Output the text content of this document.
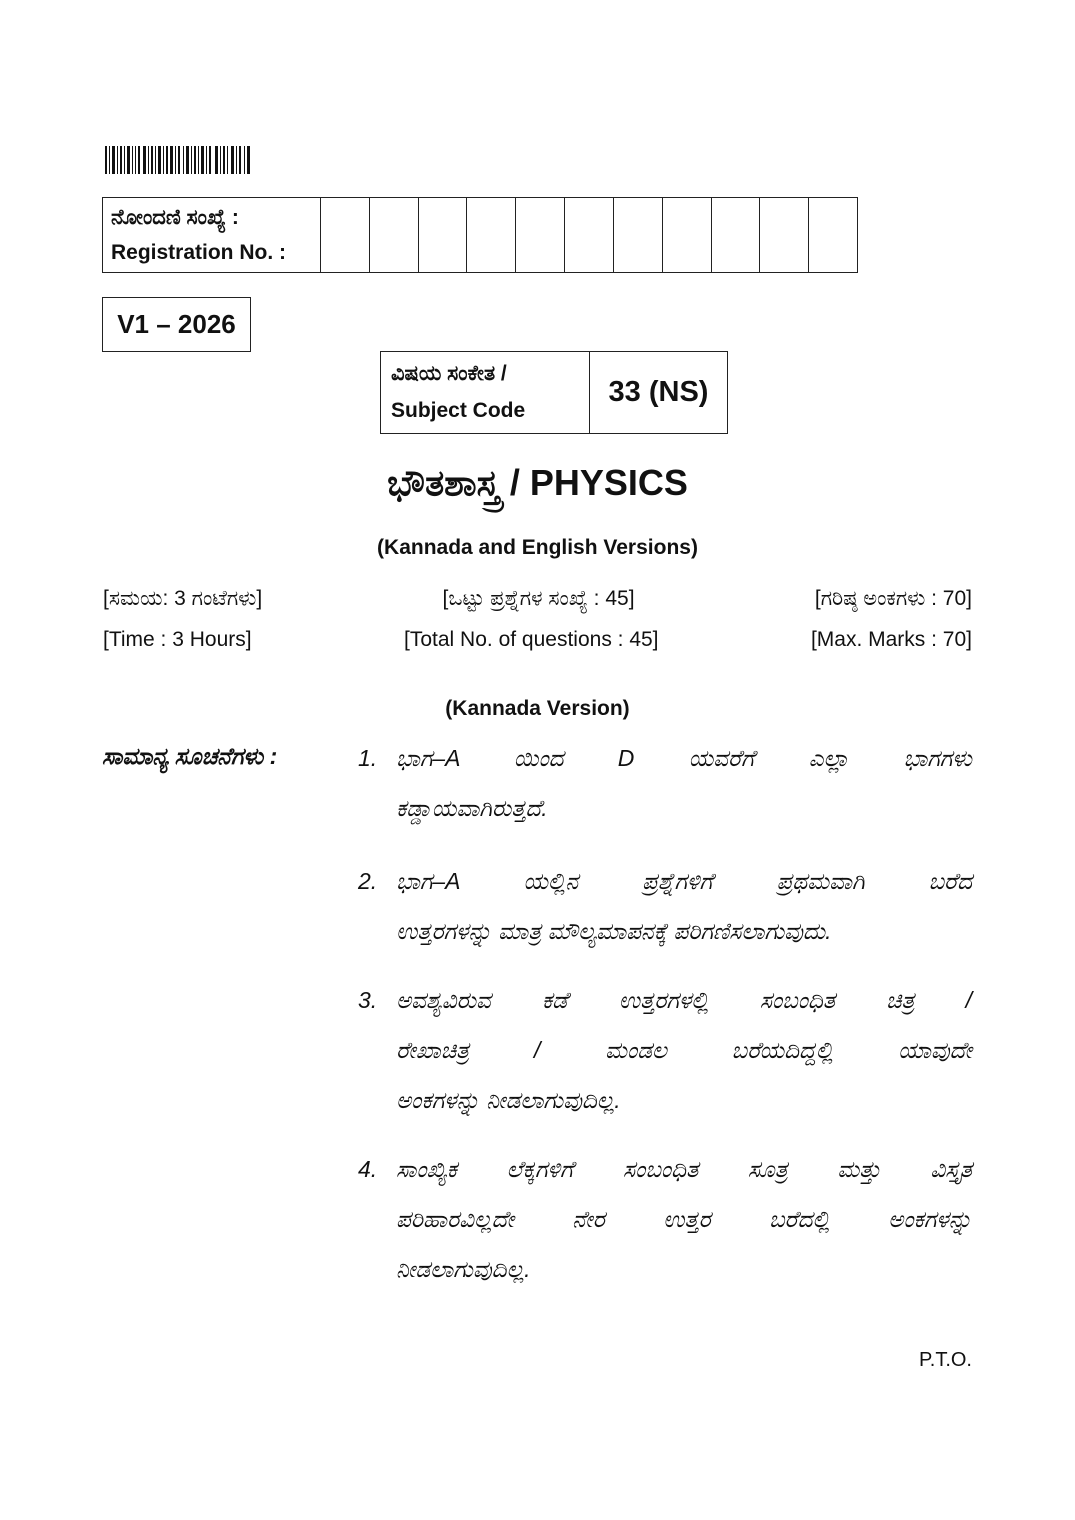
ನೋಂದಣಿ ಸಂಖ್ಯೆ :
Registration No. :
V1 – 2026
ವಿಷಯ ಸಂಕೇತ /
Subject Code
33 (NS)
ಭೌತಶಾಸ್ತ್ರ / PHYSICS
(Kannada and English Versions)
[ಸಮಯ: 3 ಗಂಟೆಗಳು]	[ಒಟ್ಟು ಪ್ರಶ್ನೆಗಳ ಸಂಖ್ಯೆ : 45]	[ಗರಿಷ್ಠ ಅಂಕಗಳು : 70]
[Time : 3 Hours]	[Total No. of questions : 45]	[Max. Marks : 70]
(Kannada Version)
ಸಾಮಾನ್ಯ ಸೂಚನೆಗಳು :	1. ಭಾಗ–A ಯಿಂದ D ಯವರೆಗೆ ಎಲ್ಲಾ ಭಾಗಗಳು
ಕಡ್ಡಾಯವಾಗಿರುತ್ತದೆ.
2. ಭಾಗ–A ಯಲ್ಲಿನ ಪ್ರಶ್ನೆಗಳಿಗೆ ಪ್ರಥಮವಾಗಿ ಬರೆದ
ಉತ್ತರಗಳನ್ನು ಮಾತ್ರ ಮೌಲ್ಯಮಾಪನಕ್ಕೆ ಪರಿಗಣಿಸಲಾಗುವುದು.
3. ಅವಶ್ಯವಿರುವ ಕಡೆ ಉತ್ತರಗಳಲ್ಲಿ ಸಂಬಂಧಿತ ಚಿತ್ರ /
ರೇಖಾಚಿತ್ರ / ಮಂಡಲ ಬರೆಯದಿದ್ದಲ್ಲಿ ಯಾವುದೇ
ಅಂಕಗಳನ್ನು ನೀಡಲಾಗುವುದಿಲ್ಲ.
4. ಸಾಂಖ್ಯಿಕ ಲೆಕ್ಕಗಳಿಗೆ ಸಂಬಂಧಿತ ಸೂತ್ರ ಮತ್ತು ವಿಸ್ತೃತ
ಪರಿಹಾರವಿಲ್ಲದೇ ನೇರ ಉತ್ತರ ಬರೆದಲ್ಲಿ ಅಂಕಗಳನ್ನು
ನೀಡಲಾಗುವುದಿಲ್ಲ.
P.T.O.
